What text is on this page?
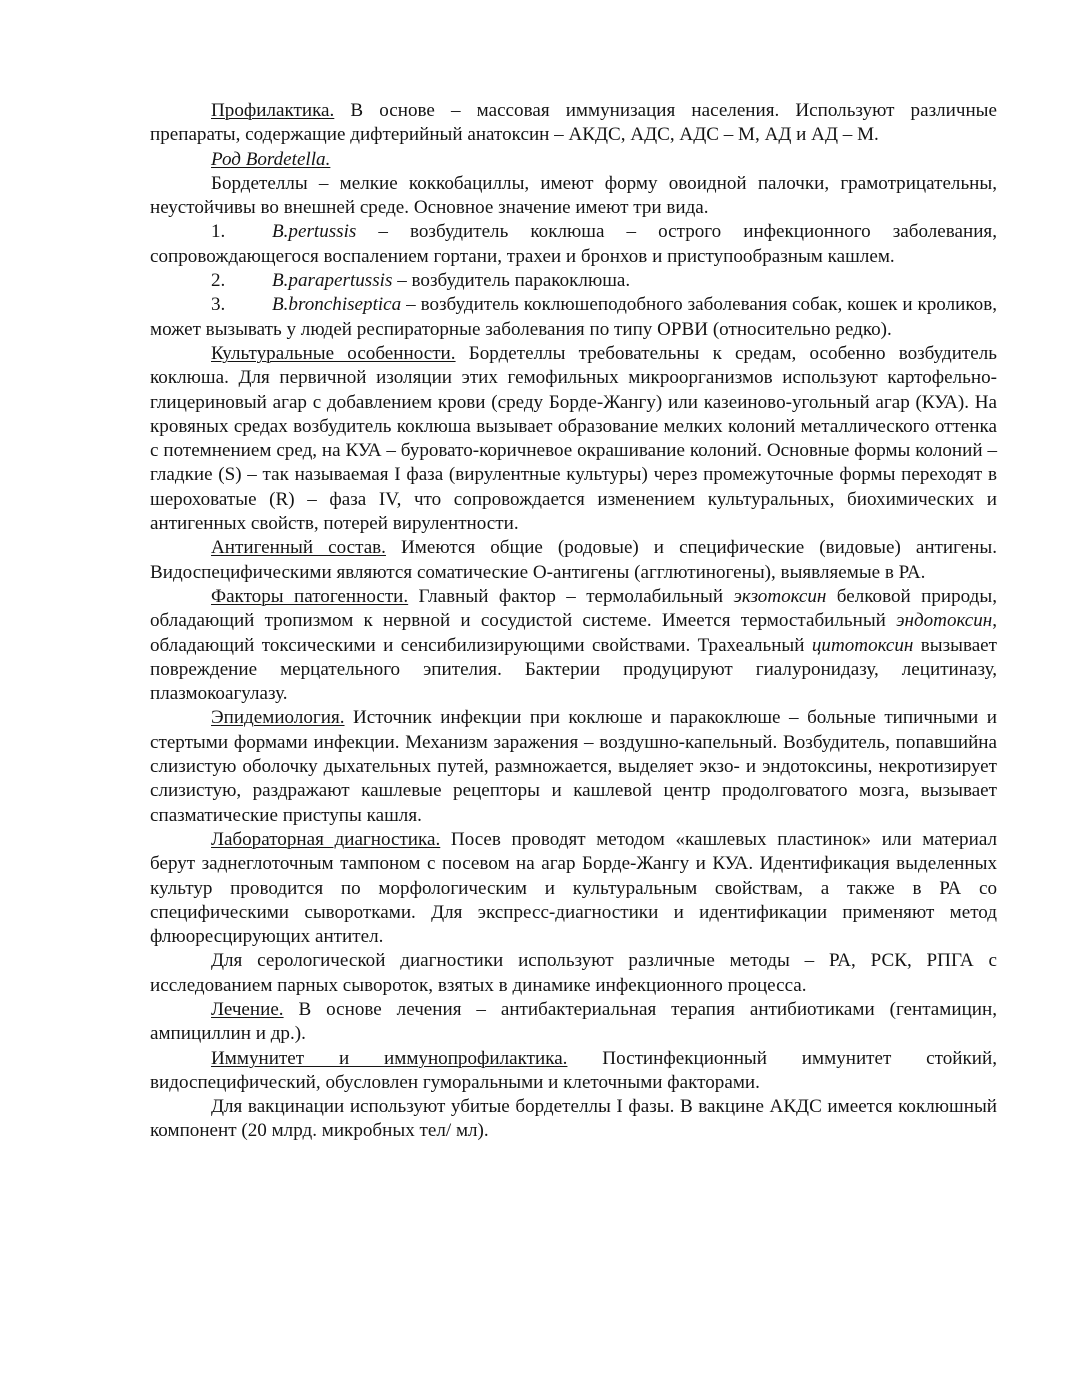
Профилактика. В основе – массовая иммунизация населения. Используют различные препараты, содержащие дифтерийный анатоксин – АКДС, АДС, АДС – М, АД и АД – М.

Род Bordetella.

Бордетеллы – мелкие коккобациллы, имеют форму овоидной палочки, грамотрицательны, неустойчивы во внешней среде. Основное значение имеют три вида.

1. B.pertussis – возбудитель коклюша – острого инфекционного заболевания, сопровождающегося воспалением гортани, трахеи и бронхов и приступообразным кашлем.

2. B.parapertussis – возбудитель паракоклюша.

3. B.bronchiseptica – возбудитель коклюшеподобного заболевания собак, кошек и кроликов, может вызывать у людей респираторные заболевания по типу ОРВИ (относительно редко).

Культуральные особенности. Бордетеллы требовательны к средам, особенно возбудитель коклюша. Для первичной изоляции этих гемофильных микроорганизмов используют картофельно-глицериновый агар с добавлением крови (среду Борде-Жангу) или казеиново-угольный агар (КУА). На кровяных средах возбудитель коклюша вызывает образование мелких колоний металлического оттенка с потемнением сред, на КУА – буровато-коричневое окрашивание колоний. Основные формы колоний – гладкие (S) – так называемая I фаза (вирулентные культуры) через промежуточные формы переходят в шероховатые (R) – фаза IV, что сопровождается изменением культуральных, биохимических и антигенных свойств, потерей вирулентности.

Антигенный состав. Имеются общие (родовые) и специфические (видовые) антигены. Видоспецифическими являются соматические О-антигены (агглютиногены), выявляемые в РА.

Факторы патогенности. Главный фактор – термолабильный экзотоксин белковой природы, обладающий тропизмом к нервной и сосудистой системе. Имеется термостабильный эндотоксин, обладающий токсическими и сенсибилизирующими свойствами. Трахеальный цитотоксин вызывает повреждение мерцательного эпителия. Бактерии продуцируют гиалуронидазу, лецитиназу, плазмокоагулазу.

Эпидемиология. Источник инфекции при коклюше и паракоклюше – больные типичными и стертыми формами инфекции. Механизм заражения – воздушно-капельный. Возбудитель, попавшийна слизистую оболочку дыхательных путей, размножается, выделяет экзо- и эндотоксины, некротизирует слизистую, раздражают кашлевые рецепторы и кашлевой центр продолговатого мозга, вызывает спазматические приступы кашля.

Лабораторная диагностика. Посев проводят методом «кашлевых пластинок» или материал берут заднеглоточным тампоном с посевом на агар Борде-Жангу и КУА. Идентификация выделенных культур проводится по морфологическим и культуральным свойствам, а также в РА со специфическими сыворотками. Для экспресс-диагностики и идентификации применяют метод флюоресцирующих антител.

Для серологической диагностики используют различные методы – РА, РСК, РПГА с исследованием парных сывороток, взятых в динамике инфекционного процесса.

Лечение. В основе лечения – антибактериальная терапия антибиотиками (гентамицин, ампициллин и др.).

Иммунитет и иммунопрофилактика. Постинфекционный иммунитет стойкий, видоспецифический, обусловлен гуморальными и клеточными факторами.

Для вакцинации используют убитые бордетеллы I фазы. В вакцине АКДС имеется коклюшный компонент (20 млрд. микробных тел/ мл).
